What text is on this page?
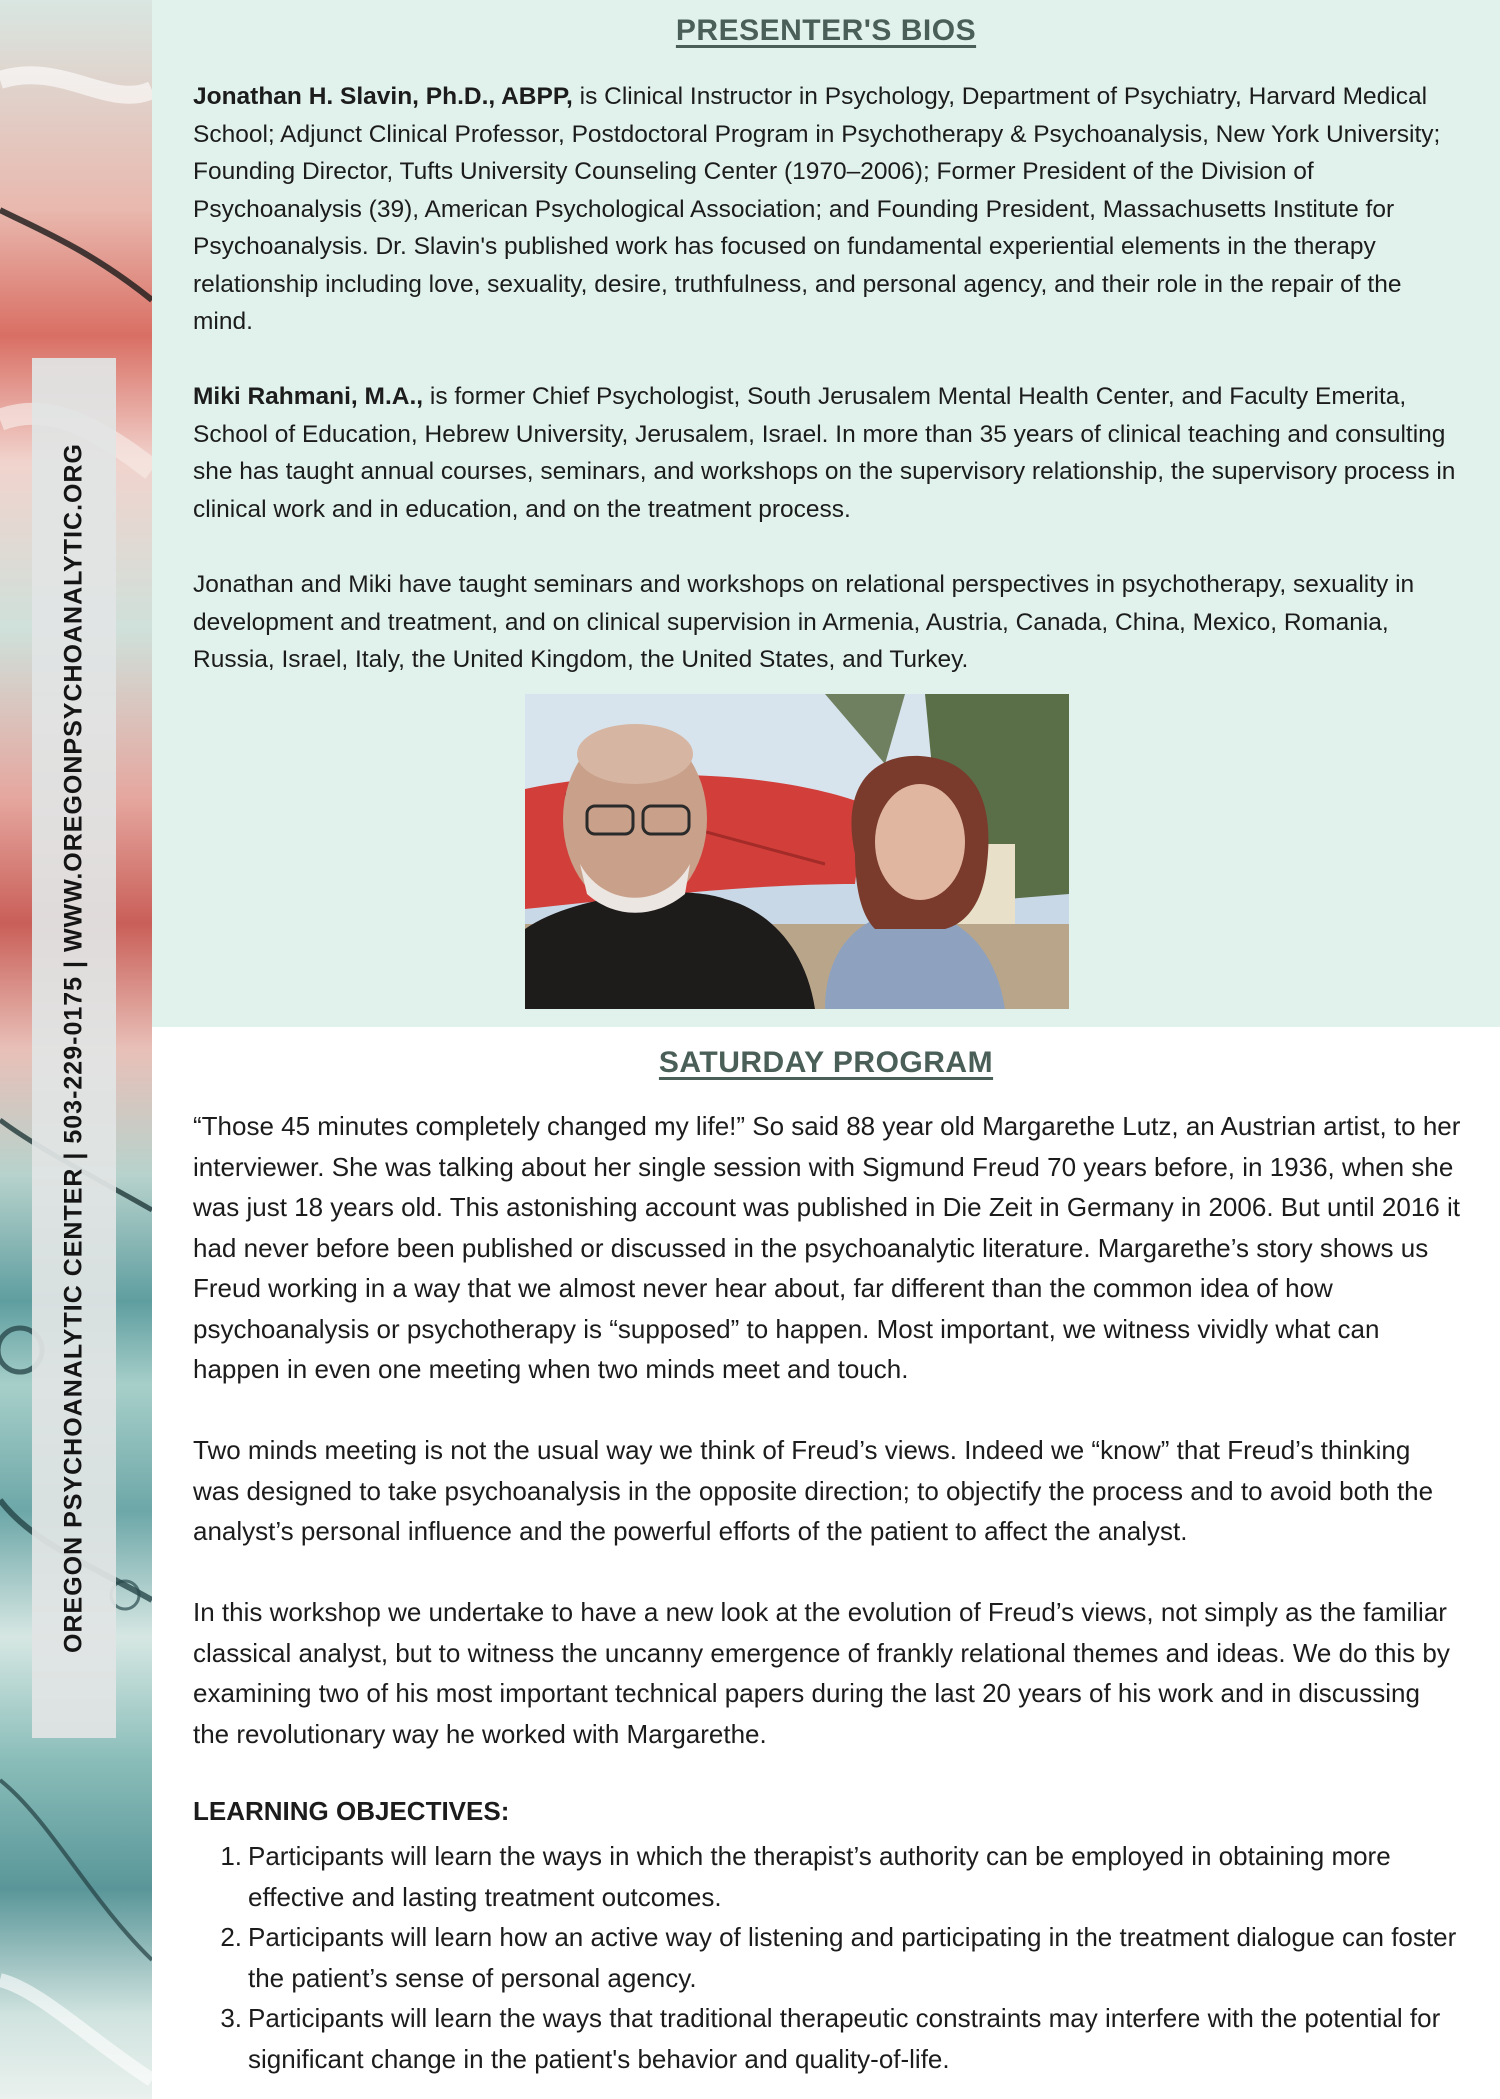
OREGON PSYCHOANALYTIC CENTER | 503-229-0175 | WWW.OREGONPSYCHOANALYTIC.ORG
PRESENTER'S BIOS

Jonathan H. Slavin, Ph.D., ABPP, is Clinical Instructor in Psychology, Department of Psychiatry, Harvard Medical School; Adjunct Clinical Professor, Postdoctoral Program in Psychotherapy & Psychoanalysis, New York University; Founding Director, Tufts University Counseling Center (1970–2006); Former President of the Division of Psychoanalysis (39), American Psychological Association; and Founding President, Massachusetts Institute for Psychoanalysis. Dr. Slavin's published work has focused on fundamental experiential elements in the therapy relationship including love, sexuality, desire, truthfulness, and personal agency, and their role in the repair of the mind.

Miki Rahmani, M.A., is former Chief Psychologist, South Jerusalem Mental Health Center, and Faculty Emerita, School of Education, Hebrew University, Jerusalem, Israel. In more than 35 years of clinical teaching and consulting she has taught annual courses, seminars, and workshops on the supervisory relationship, the supervisory process in clinical work and in education, and on the treatment process.

Jonathan and Miki have taught seminars and workshops on relational perspectives in psychotherapy, sexuality in development and treatment, and on clinical supervision in Armenia, Austria, Canada, China, Mexico, Romania, Russia, Israel, Italy, the United Kingdom, the United States, and Turkey.

SATURDAY PROGRAM

“Those 45 minutes completely changed my life!” So said 88 year old Margarethe Lutz, an Austrian artist, to her interviewer. She was talking about her single session with Sigmund Freud 70 years before, in 1936, when she was just 18 years old. This astonishing account was published in Die Zeit in Germany in 2006. But until 2016 it had never before been published or discussed in the psychoanalytic literature. Margarethe’s story shows us Freud working in a way that we almost never hear about, far different than the common idea of how psychoanalysis or psychotherapy is “supposed” to happen. Most important, we witness vividly what can happen in even one meeting when two minds meet and touch.

Two minds meeting is not the usual way we think of Freud’s views. Indeed we “know” that Freud’s thinking was designed to take psychoanalysis in the opposite direction; to objectify the process and to avoid both the analyst’s personal influence and the powerful efforts of the patient to affect the analyst.

In this workshop we undertake to have a new look at the evolution of Freud’s views, not simply as the familiar classical analyst, but to witness the uncanny emergence of frankly relational themes and ideas. We do this by examining two of his most important technical papers during the last 20 years of his work and in discussing the revolutionary way he worked with Margarethe.

LEARNING OBJECTIVES:

1. Participants will learn the ways in which the therapist’s authority can be employed in obtaining more effective and lasting treatment outcomes.
2. Participants will learn how an active way of listening and participating in the treatment dialogue can foster the patient’s sense of personal agency.
3. Participants will learn the ways that traditional therapeutic constraints may interfere with the potential for significant change in the patient's behavior and quality-of-life.
